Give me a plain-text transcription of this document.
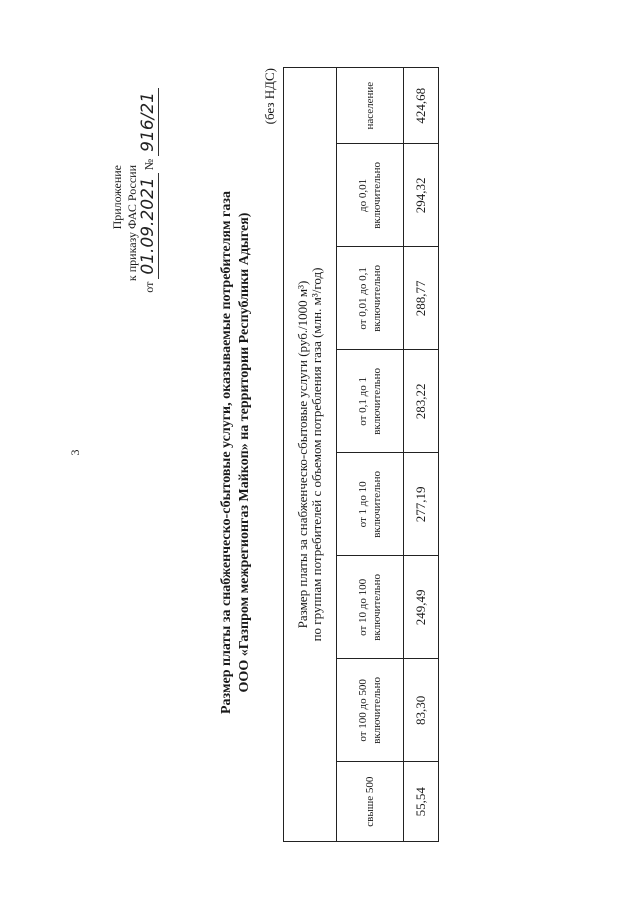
3
Приложение к приказу ФАС России
от 01.09.2021 № 916/21
Размер платы за снабженческо-сбытовые услуги, оказываемые потребителям газа ООО «Газпром межрегионгаз Майкоп» на территории Республики Адыгея)
(без НДС)
Размер платы за снабженческо-сбытовые услуги (руб./1000 м³) по группам потребителей с объемом потребления газа (млн. м³/год)							

свыше 500	от 100 до 500 включительно	от 10 до 100 включительно	от 1 до 10 включительно	от 0,1 до 1 включительно	от 0,01 до 0,1 включительно	до 0,01 включительно	население

55,54	83,30	249,49	277,19	283,22	288,77	294,32	424,68
